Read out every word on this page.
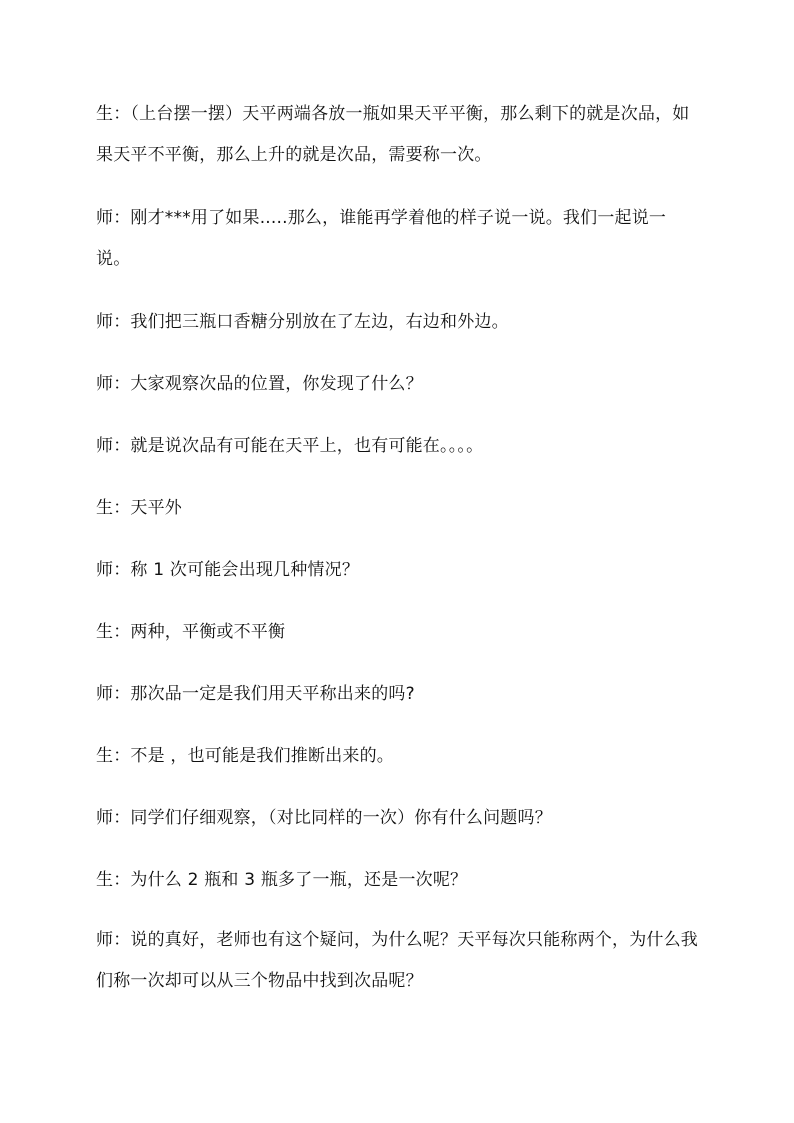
生：（上台摆一摆）天平两端各放一瓶如果天平平衡，那么剩下的就是次品，如果天平不平衡，那么上升的就是次品，需要称一次。

师：刚才***用了如果.....那么，谁能再学着他的样子说一说。我们一起说一说。

师：我们把三瓶口香糖分别放在了左边，右边和外边。

师：大家观察次品的位置，你发现了什么？

师：就是说次品有可能在天平上，也有可能在。。。。

生：天平外

师：称 1 次可能会出现几种情况？

生：两种，平衡或不平衡

师：那次品一定是我们用天平称出来的吗?

生：不是 ，也可能是我们推断出来的。

师：同学们仔细观察，（对比同样的一次）你有什么问题吗？

生：为什么 2 瓶和 3 瓶多了一瓶，还是一次呢？

师：说的真好，老师也有这个疑问，为什么呢？天平每次只能称两个，为什么我们称一次却可以从三个物品中找到次品呢？
